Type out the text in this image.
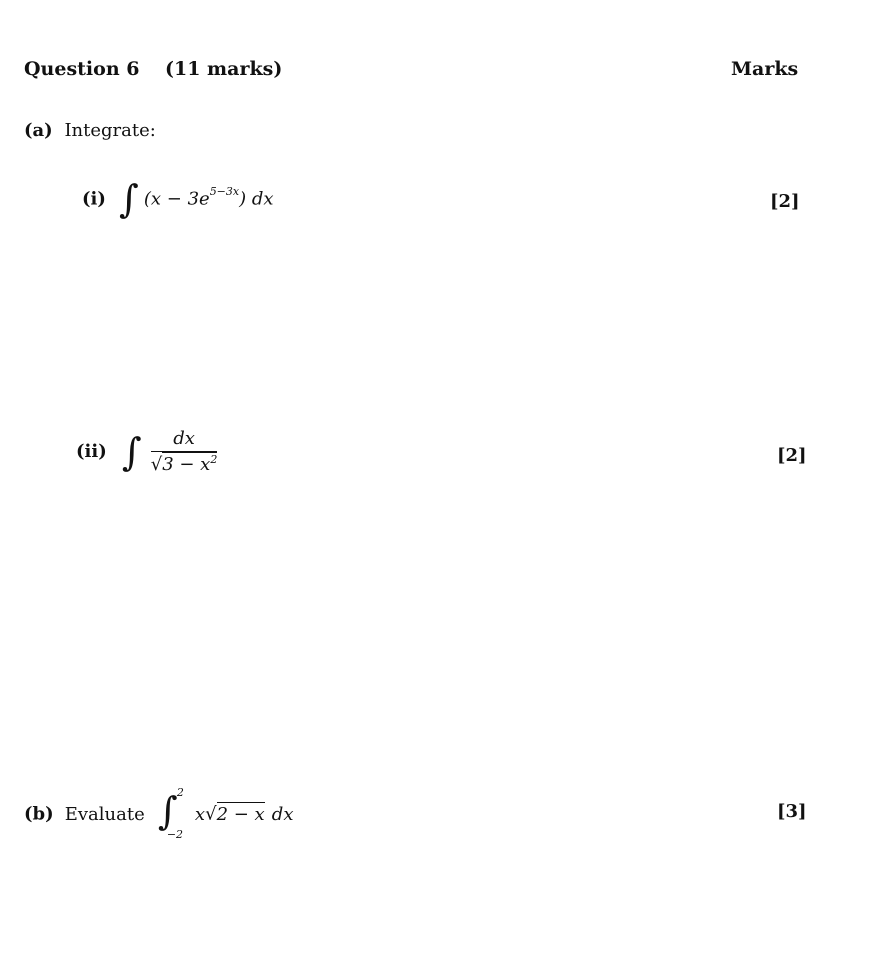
Question 6 (11 marks)	Marks
(a) Integrate:
(i) ∫ $(x - 3e^{5-3x})$ dx	[2]
(ii) ∫ $\frac{dx}{√3 - x^2}$	[2]
(b) Evaluate ∫ 2
−2
x√2 − x dx	[3]
